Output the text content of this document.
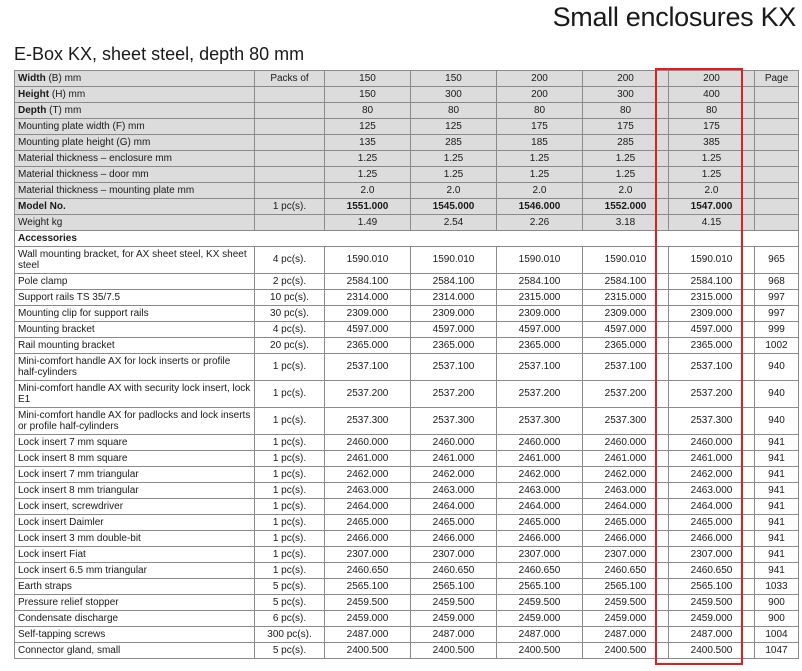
Small enclosures KX
E-Box KX, sheet steel, depth 80 mm
Width (B) mm	Packs of	150	150	200	200	200	Page
Height (H) mm		150	300	200	300	400	
Depth (T) mm		80	80	80	80	80	
Mounting plate width (F) mm		125	125	175	175	175	
Mounting plate height (G) mm		135	285	185	285	385	
Material thickness – enclosure mm		1.25	1.25	1.25	1.25	1.25	
Material thickness – door mm		1.25	1.25	1.25	1.25	1.25	
Material thickness – mounting plate mm		2.0	2.0	2.0	2.0	2.0	
Model No.	1 pc(s).	1551.000	1545.000	1546.000	1552.000	1547.000	
Weight kg		1.49	2.54	2.26	3.18	4.15	
Accessories							
Wall mounting bracket, for AX sheet steel, KX sheet steel	4 pc(s).	1590.010	1590.010	1590.010	1590.010	1590.010	965
Pole clamp	2 pc(s).	2584.100	2584.100	2584.100	2584.100	2584.100	968
Support rails TS 35/7.5	10 pc(s).	2314.000	2314.000	2315.000	2315.000	2315.000	997
Mounting clip for support rails	30 pc(s).	2309.000	2309.000	2309.000	2309.000	2309.000	997
Mounting bracket	4 pc(s).	4597.000	4597.000	4597.000	4597.000	4597.000	999
Rail mounting bracket	20 pc(s).	2365.000	2365.000	2365.000	2365.000	2365.000	1002
Mini-comfort handle AX for lock inserts or profile half-cylinders	1 pc(s).	2537.100	2537.100	2537.100	2537.100	2537.100	940
Mini-comfort handle AX with security lock insert, lock E1	1 pc(s).	2537.200	2537.200	2537.200	2537.200	2537.200	940
Mini-comfort handle AX for padlocks and lock inserts or profile half-cylinders	1 pc(s).	2537.300	2537.300	2537.300	2537.300	2537.300	940
Lock insert 7 mm square	1 pc(s).	2460.000	2460.000	2460.000	2460.000	2460.000	941
Lock insert 8 mm square	1 pc(s).	2461.000	2461.000	2461.000	2461.000	2461.000	941
Lock insert 7 mm triangular	1 pc(s).	2462.000	2462.000	2462.000	2462.000	2462.000	941
Lock insert 8 mm triangular	1 pc(s).	2463.000	2463.000	2463.000	2463.000	2463.000	941
Lock insert, screwdriver	1 pc(s).	2464.000	2464.000	2464.000	2464.000	2464.000	941
Lock insert Daimler	1 pc(s).	2465.000	2465.000	2465.000	2465.000	2465.000	941
Lock insert 3 mm double-bit	1 pc(s).	2466.000	2466.000	2466.000	2466.000	2466.000	941
Lock insert Fiat	1 pc(s).	2307.000	2307.000	2307.000	2307.000	2307.000	941
Lock insert 6.5 mm triangular	1 pc(s).	2460.650	2460.650	2460.650	2460.650	2460.650	941
Earth straps	5 pc(s).	2565.100	2565.100	2565.100	2565.100	2565.100	1033
Pressure relief stopper	5 pc(s).	2459.500	2459.500	2459.500	2459.500	2459.500	900
Condensate discharge	6 pc(s).	2459.000	2459.000	2459.000	2459.000	2459.000	900
Self-tapping screws	300 pc(s).	2487.000	2487.000	2487.000	2487.000	2487.000	1004
Connector gland, small	5 pc(s).	2400.500	2400.500	2400.500	2400.500	2400.500	1047
